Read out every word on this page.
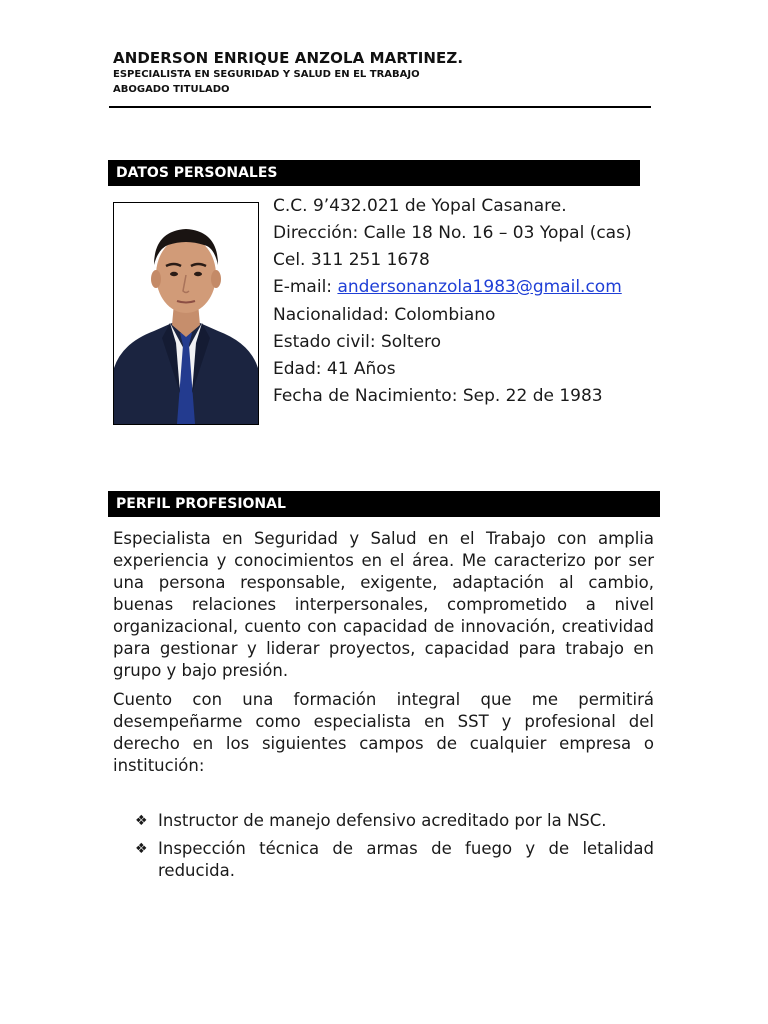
ANDERSON ENRIQUE ANZOLA MARTINEZ.
ESPECIALISTA EN SEGURIDAD Y SALUD EN EL TRABAJO
ABOGADO TITULADO
DATOS PERSONALES
C.C. 9’432.021 de Yopal Casanare.
Dirección: Calle 18 No. 16 – 03 Yopal (cas)
Cel. 311 251 1678
E-mail: andersonanzola1983@gmail.com
Nacionalidad: Colombiano
Estado civil: Soltero
Edad: 41 Años
Fecha de Nacimiento: Sep. 22 de 1983
PERFIL PROFESIONAL

Especialista en Seguridad y Salud en el Trabajo con amplia experiencia y conocimientos en el área. Me caracterizo por ser una persona responsable, exigente, adaptación al cambio, buenas relaciones interpersonales, comprometido a nivel organizacional, cuento con capacidad de innovación, creatividad para gestionar y liderar proyectos, capacidad para trabajo en grupo y bajo presión.

Cuento con una formación integral que me permitirá desempeñarme como especialista en SST y profesional del derecho en los siguientes campos de cualquier empresa o institución:

❖ Instructor de manejo defensivo acreditado por la NSC.
❖ Inspección técnica de armas de fuego y de letalidad reducida.
